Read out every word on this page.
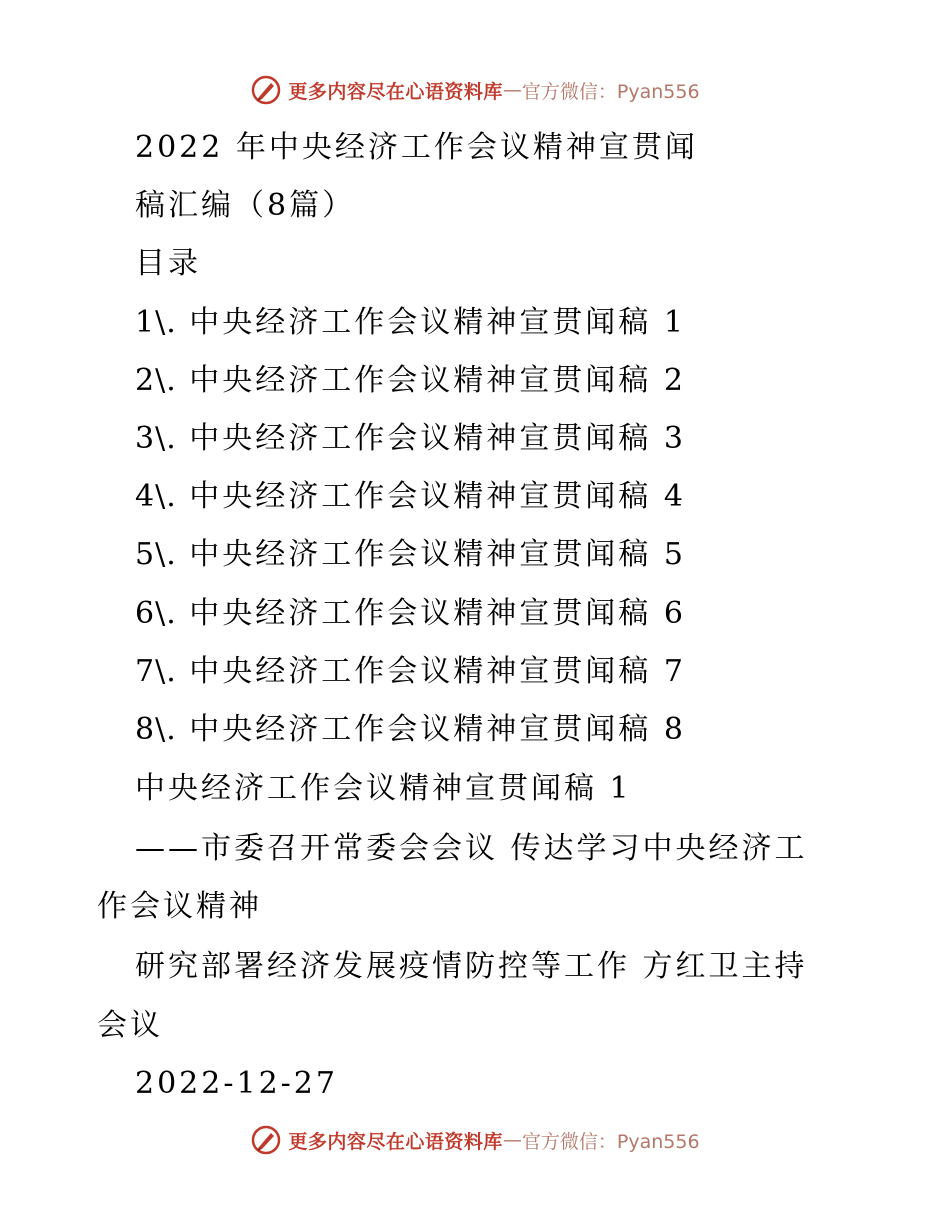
更多内容尽在心语资料库 — 官方微信：Pyan556
2022 年中央经济工作会议精神宣贯闻
稿汇编（8篇）
目录
1\. 中央经济工作会议精神宣贯闻稿 1
2\. 中央经济工作会议精神宣贯闻稿 2
3\. 中央经济工作会议精神宣贯闻稿 3
4\. 中央经济工作会议精神宣贯闻稿 4
5\. 中央经济工作会议精神宣贯闻稿 5
6\. 中央经济工作会议精神宣贯闻稿 6
7\. 中央经济工作会议精神宣贯闻稿 7
8\. 中央经济工作会议精神宣贯闻稿 8
中央经济工作会议精神宣贯闻稿 1
——市委召开常委会会议 传达学习中央经济工
作会议精神
研究部署经济发展疫情防控等工作 方红卫主持
会议
2022-12-27
更多内容尽在心语资料库 — 官方微信：Pyan556
